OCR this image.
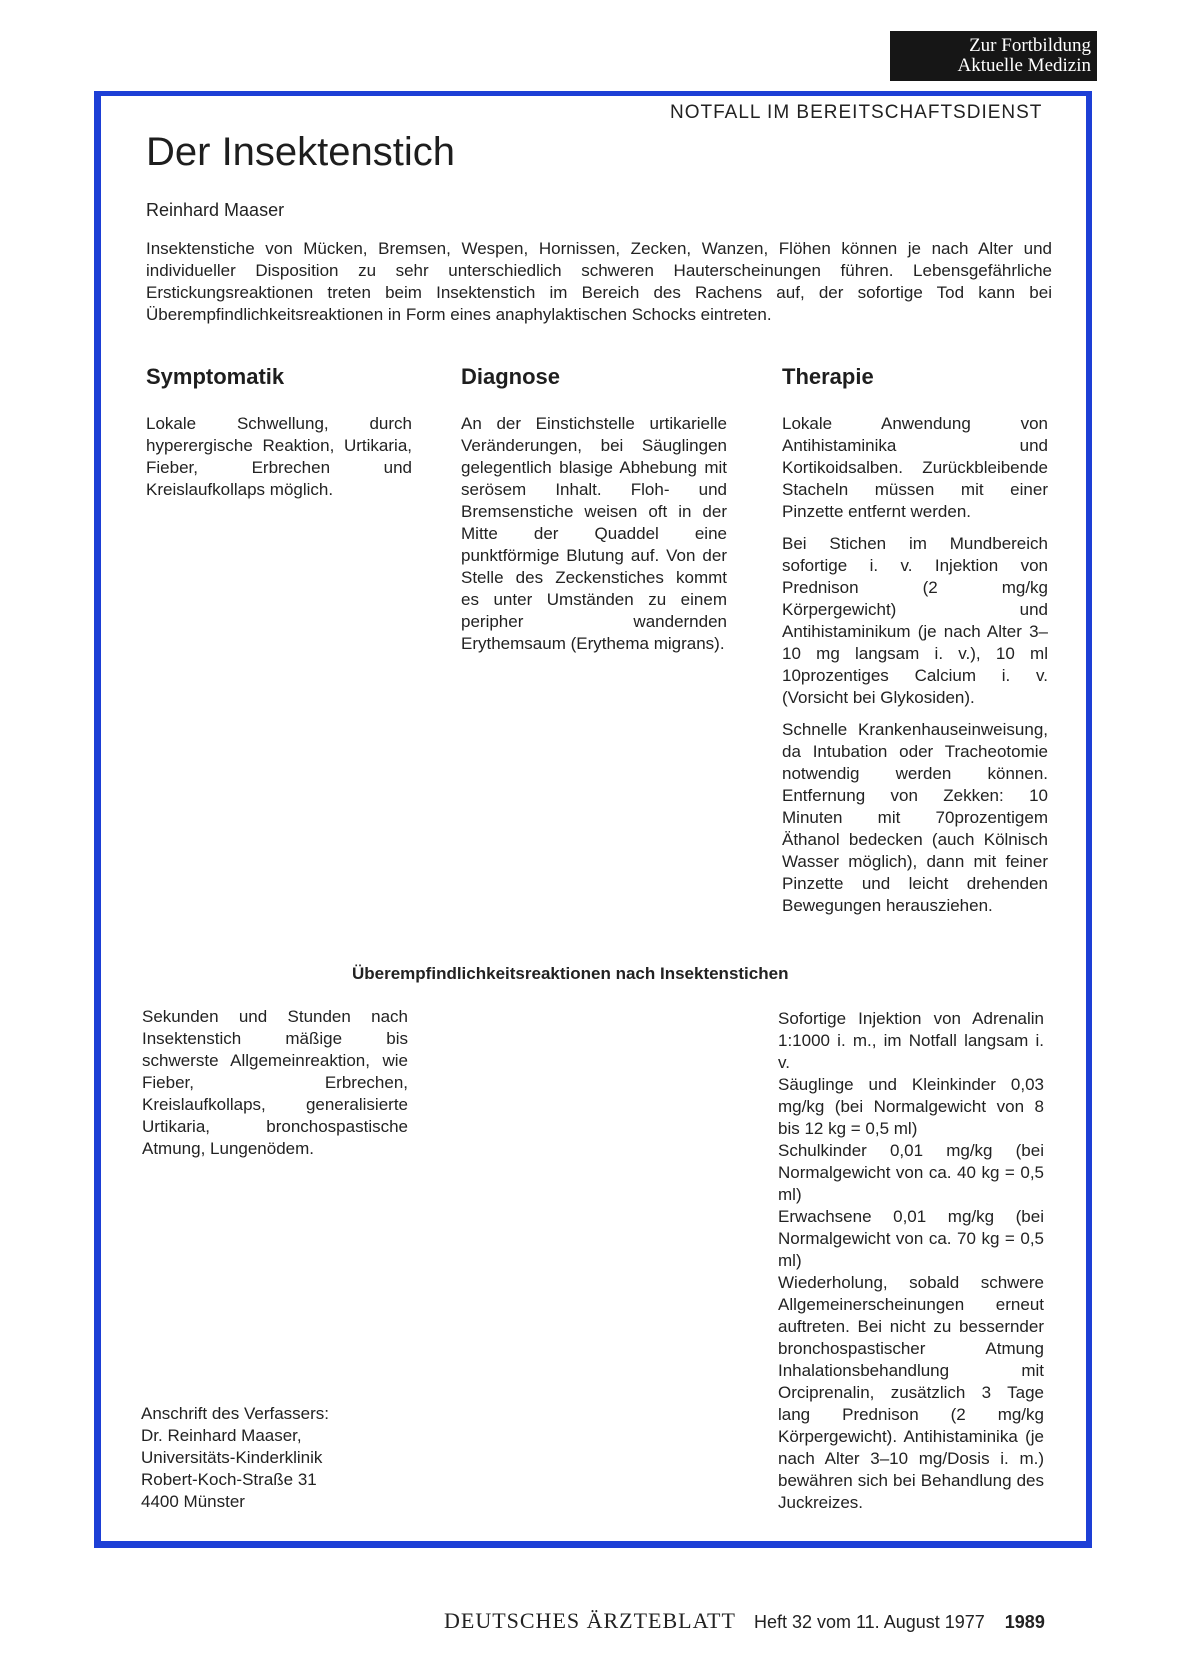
Zur Fortbildung
Aktuelle Medizin
NOTFALL IM BEREITSCHAFTSDIENST
Der Insektenstich
Reinhard Maaser
Insektenstiche von Mücken, Bremsen, Wespen, Hornissen, Zecken, Wanzen, Flöhen können je nach Alter und individueller Disposition zu sehr unterschiedlich schweren Hauterscheinungen führen. Lebensgefährliche Erstickungsreaktionen treten beim Insektenstich im Bereich des Rachens auf, der sofortige Tod kann bei Überempfindlichkeitsreaktionen in Form eines anaphylaktischen Schocks eintreten.
Symptomatik
Lokale Schwellung, durch hyperergische Reaktion, Urtikaria, Fieber, Erbrechen und Kreislaufkollaps möglich.
Diagnose
An der Einstichstelle urtikarielle Veränderungen, bei Säuglingen gelegentlich blasige Abhebung mit serösem Inhalt. Floh- und Bremsenstiche weisen oft in der Mitte der Quaddel eine punktförmige Blutung auf. Von der Stelle des Zeckenstiches kommt es unter Umständen zu einem peripher wandernden Erythemsaum (Erythema migrans).
Therapie

Lokale Anwendung von Antihistaminika und Kortikoidsalben. Zurückbleibende Stacheln müssen mit einer Pinzette entfernt werden.

Bei Stichen im Mundbereich sofortige i. v. Injektion von Prednison (2 mg/kg Körpergewicht) und Antihistaminikum (je nach Alter 3–10 mg langsam i. v.), 10 ml 10prozentiges Calcium i. v. (Vorsicht bei Glykosiden).

Schnelle Krankenhauseinweisung, da Intubation oder Tracheotomie notwendig werden können. Entfernung von Zekken: 10 Minuten mit 70prozentigem Äthanol bedecken (auch Kölnisch Wasser möglich), dann mit feiner Pinzette und leicht drehenden Bewegungen herausziehen.

Überempfindlichkeitsreaktionen nach Insektenstichen
Sekunden und Stunden nach Insektenstich mäßige bis schwerste Allgemeinreaktion, wie Fieber, Erbrechen, Kreislaufkollaps, generalisierte Urtikaria, bronchospastische Atmung, Lungenödem.
Sofortige Injektion von Adrenalin 1:1000 i. m., im Notfall langsam i. v.
Säuglinge und Kleinkinder 0,03 mg/kg (bei Normalgewicht von 8 bis 12 kg = 0,5 ml)
Schulkinder 0,01 mg/kg (bei Normalgewicht von ca. 40 kg = 0,5 ml)
Erwachsene 0,01 mg/kg (bei Normalgewicht von ca. 70 kg = 0,5 ml)
Wiederholung, sobald schwere Allgemeinerscheinungen erneut auftreten. Bei nicht zu bessernder bronchospastischer Atmung Inhalationsbehandlung mit Orciprenalin, zusätzlich 3 Tage lang Prednison (2 mg/kg Körpergewicht). Antihistaminika (je nach Alter 3–10 mg/Dosis i. m.) bewähren sich bei Behandlung des Juckreizes.
Anschrift des Verfassers:
Dr. Reinhard Maaser,
Universitäts-Kinderklinik
Robert-Koch-Straße 31
4400 Münster
DEUTSCHES ÄRZTEBLATT Heft 32 vom 11. August 1977 1989
